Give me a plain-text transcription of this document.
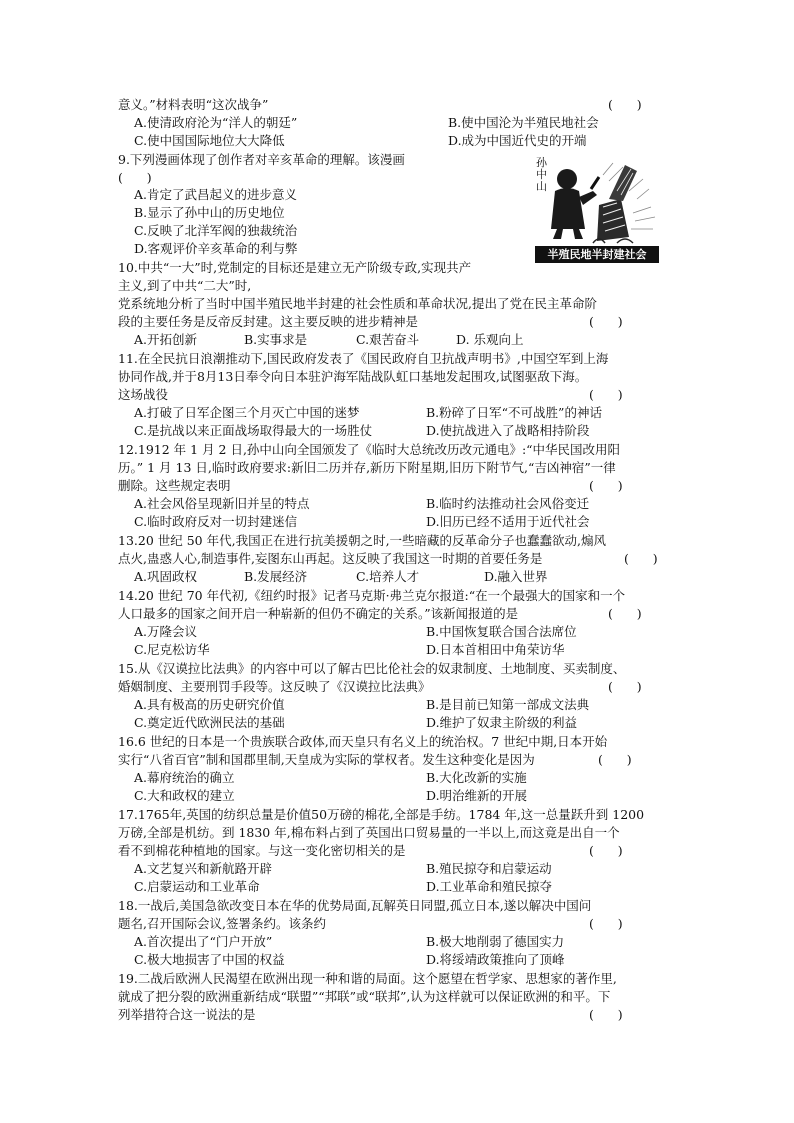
意义。”材料表明“这次战争”	(      )
A.使清政府沦为“洋人的朝廷”	B.使中国沦为半殖民地社会
C.使中国国际地位大大降低	D.成为中国近代史的开端
9.下列漫画体现了创作者对辛亥革命的理解。该漫画
(      )
A.肯定了武昌起义的进步意义
B.显示了孙中山的历史地位
C.反映了北洋军阀的独裁统治
D.客观评价辛亥革命的利与弊
孙中山
半殖民地半封建社会
10.中共“一大”时,党制定的目标还是建立无产阶级专政,实现共产
主义,到了中共“二大”时,
党系统地分析了当时中国半殖民地半封建的社会性质和革命状况,提出了党在民主革命阶
段的主要任务是反帝反封建。这主要反映的进步精神是	(      )
A.开拓创新	B.实事求是	C.艰苦奋斗	D. 乐观向上
11.在全民抗日浪潮推动下,国民政府发表了《国民政府自卫抗战声明书》,中国空军到上海
协同作战,并于8月13日奉令向日本驻沪海军陆战队虹口基地发起围攻,试图驱敌下海。
这场战役	(      )
A.打破了日军企图三个月灭亡中国的迷梦	B.粉碎了日军“不可战胜”的神话
C.是抗战以来正面战场取得最大的一场胜仗	D.使抗战进入了战略相持阶段
12.1912 年 1 月 2 日,孙中山向全国颁发了《临时大总统改历改元通电》:“中华民国改用阳
历。” 1 月 13 日,临时政府要求:新旧二历并存,新历下附星期,旧历下附节气,“吉凶神宿”一律
删除。这些规定表明	(      )
A.社会风俗呈现新旧并呈的特点	B.临时约法推动社会风俗变迁
C.临时政府反对一切封建迷信	D.旧历已经不适用于近代社会
13.20 世纪 50 年代,我国正在进行抗美援朝之时,一些暗藏的反革命分子也蠢蠢欲动,煽风
点火,蛊惑人心,制造事件,妄图东山再起。这反映了我国这一时期的首要任务是	(      )
A.巩固政权	B.发展经济	C.培养人才	D.融入世界
14.20 世纪 70 年代初,《纽约时报》记者马克斯·弗兰克尔报道:“在一个最强大的国家和一个
人口最多的国家之间开启一种崭新的但仍不确定的关系。”该新闻报道的是	(      )
A.万隆会议	B.中国恢复联合国合法席位
C.尼克松访华	D.日本首相田中角荣访华
15.从《汉谟拉比法典》的内容中可以了解古巴比伦社会的奴隶制度、土地制度、买卖制度、
婚姻制度、主要刑罚手段等。这反映了《汉谟拉比法典》	(      )
A.具有极高的历史研究价值	B.是目前已知第一部成文法典
C.奠定近代欧洲民法的基础	D.维护了奴隶主阶级的利益
16.6 世纪的日本是一个贵族联合政体,而天皇只有名义上的统治权。7 世纪中期,日本开始
实行“八省百官”制和国郡里制,天皇成为实际的掌权者。发生这种变化是因为	(      )
A.幕府统治的确立	B.大化改新的实施
C.大和政权的建立	D.明治维新的开展
17.1765年,英国的纺织总量是价值50万磅的棉花,全部是手纺。1784 年,这一总量跃升到 1200
万磅,全部是机纺。到 1830 年,棉布料占到了英国出口贸易量的一半以上,而这竟是出自一个
看不到棉花种植地的国家。与这一变化密切相关的是	(      )
A.文艺复兴和新航路开辟	B.殖民掠夺和启蒙运动
C.启蒙运动和工业革命	D.工业革命和殖民掠夺
18.一战后,美国急欲改变日本在华的优势局面,瓦解英日同盟,孤立日本,遂以解决中国问
题名,召开国际会议,签署条约。该条约	(      )
A.首次提出了“门户开放”	B.极大地削弱了德国实力
C.极大地损害了中国的权益	D.将绥靖政策推向了顶峰
19.二战后欧洲人民渴望在欧洲出现一种和谐的局面。这个愿望在哲学家、思想家的著作里,
就成了把分裂的欧洲重新结成“联盟”“邦联”或“联邦”,认为这样就可以保证欧洲的和平。下
列举措符合这一说法的是	(      )
